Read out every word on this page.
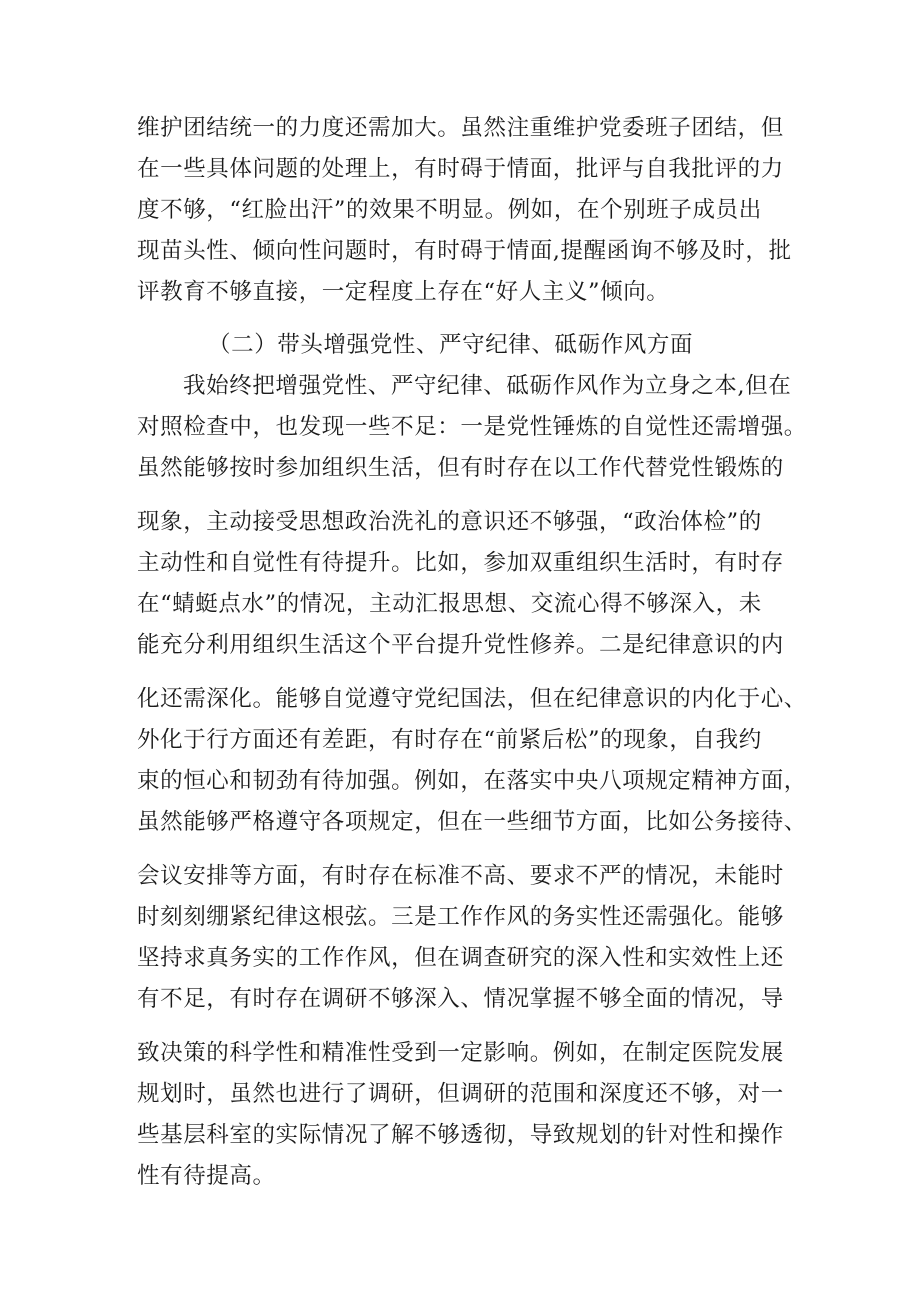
维护团结统一的力度还需加大。虽然注重维护党委班子团结，但
在一些具体问题的处理上，有时碍于情面，批评与自我批评的力
度不够，“红脸出汗”的效果不明显。例如，在个别班子成员出
现苗头性、倾向性问题时，有时碍于情面,提醒函询不够及时，批
评教育不够直接，一定程度上存在“好人主义”倾向。
（二）带头增强党性、严守纪律、砥砺作风方面
我始终把增强党性、严守纪律、砥砺作风作为立身之本,但在
对照检查中，也发现一些不足：一是党性锤炼的自觉性还需增强。
虽然能够按时参加组织生活，但有时存在以工作代替党性锻炼的
现象，主动接受思想政治洗礼的意识还不够强，“政治体检”的
主动性和自觉性有待提升。比如，参加双重组织生活时，有时存
在“蜻蜓点水”的情况，主动汇报思想、交流心得不够深入，未
能充分利用组织生活这个平台提升党性修养。二是纪律意识的内
化还需深化。能够自觉遵守党纪国法，但在纪律意识的内化于心、
外化于行方面还有差距，有时存在“前紧后松”的现象，自我约
束的恒心和韧劲有待加强。例如，在落实中央八项规定精神方面，
虽然能够严格遵守各项规定，但在一些细节方面，比如公务接待、
会议安排等方面，有时存在标准不高、要求不严的情况，未能时
时刻刻绷紧纪律这根弦。三是工作作风的务实性还需强化。能够
坚持求真务实的工作作风，但在调查研究的深入性和实效性上还
有不足，有时存在调研不够深入、情况掌握不够全面的情况，导
致决策的科学性和精准性受到一定影响。例如，在制定医院发展
规划时，虽然也进行了调研，但调研的范围和深度还不够，对一
些基层科室的实际情况了解不够透彻，导致规划的针对性和操作
性有待提高。
